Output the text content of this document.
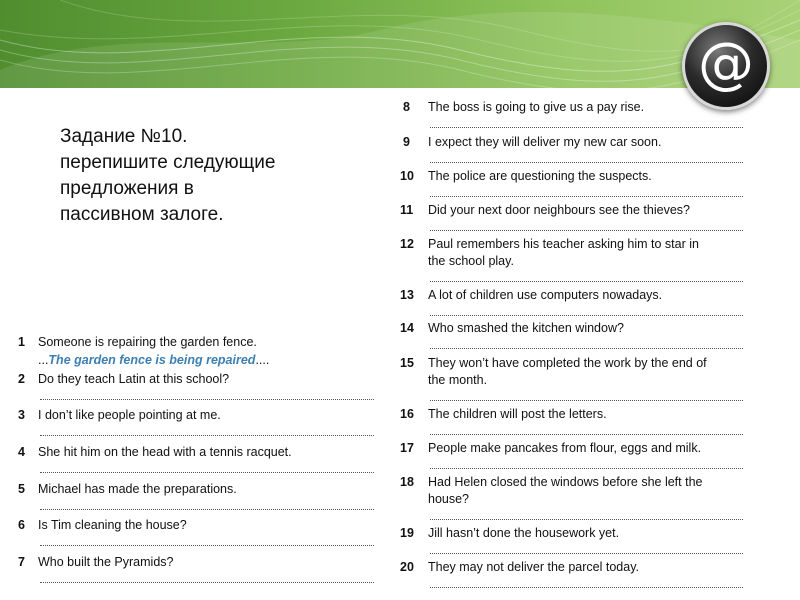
@
Задание №10.
перепишите следующие
предложения в
пассивном залоге.
1 Someone is repairing the garden fence.
...The garden fence is being repaired....
2 Do they teach Latin at this school?
3 I don’t like people pointing at me.
4 She hit him on the head with a tennis racquet.
5 Michael has made the preparations.
6 Is Tim cleaning the house?
7 Who built the Pyramids?
8 The boss is going to give us a pay rise.
9 I expect they will deliver my new car soon.
10 The police are questioning the suspects.
11 Did your next door neighbours see the thieves?
12 Paul remembers his teacher asking him to star in
the school play.
13 A lot of children use computers nowadays.
14 Who smashed the kitchen window?
15 They won’t have completed the work by the end of
the month.
16 The children will post the letters.
17 People make pancakes from flour, eggs and milk.
18 Had Helen closed the windows before she left the
house?
19 Jill hasn’t done the housework yet.
20 They may not deliver the parcel today.
